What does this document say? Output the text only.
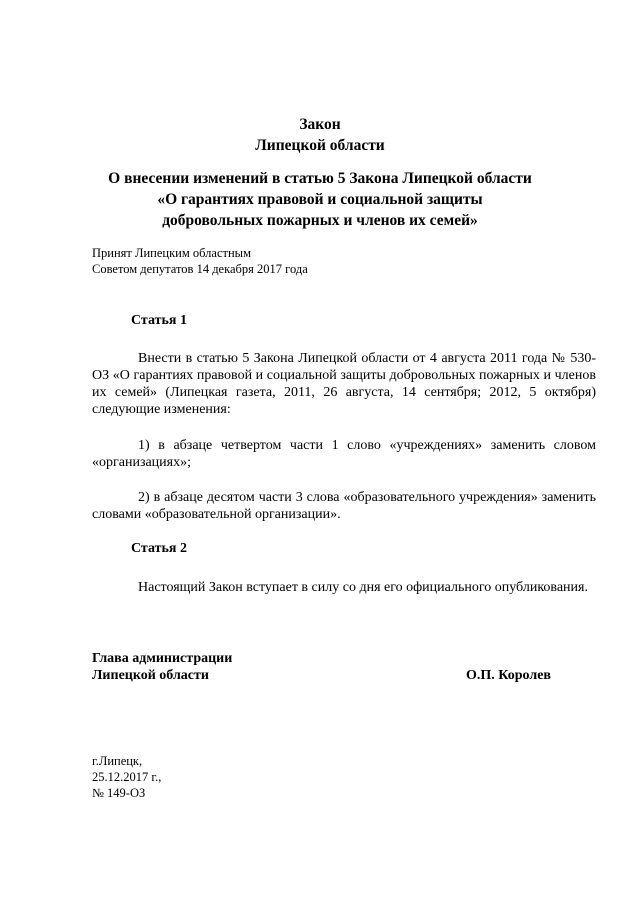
Закон
Липецкой области
О внесении изменений в статью 5 Закона Липецкой области
«О гарантиях правовой и социальной защиты
добровольных пожарных и членов их семей»
Принят Липецким областным
Советом депутатов 14 декабря 2017 года
Статья 1
Внести в статью 5 Закона Липецкой области от 4 августа 2011 года № 530-ОЗ «О гарантиях правовой и социальной защиты добровольных пожарных и членов их семей» (Липецкая газета, 2011, 26 августа, 14 сентября; 2012, 5 октября) следующие изменения:
1) в абзаце четвертом части 1 слово «учреждениях» заменить словом «организациях»;
2) в абзаце десятом части 3 слова «образовательного учреждения» заменить словами «образовательной организации».
Статья 2
Настоящий Закон вступает в силу со дня его официального опубликования.
Глава администрации
Липецкой области	О.П. Королев
г.Липецк,
25.12.2017 г.,
№ 149-ОЗ
